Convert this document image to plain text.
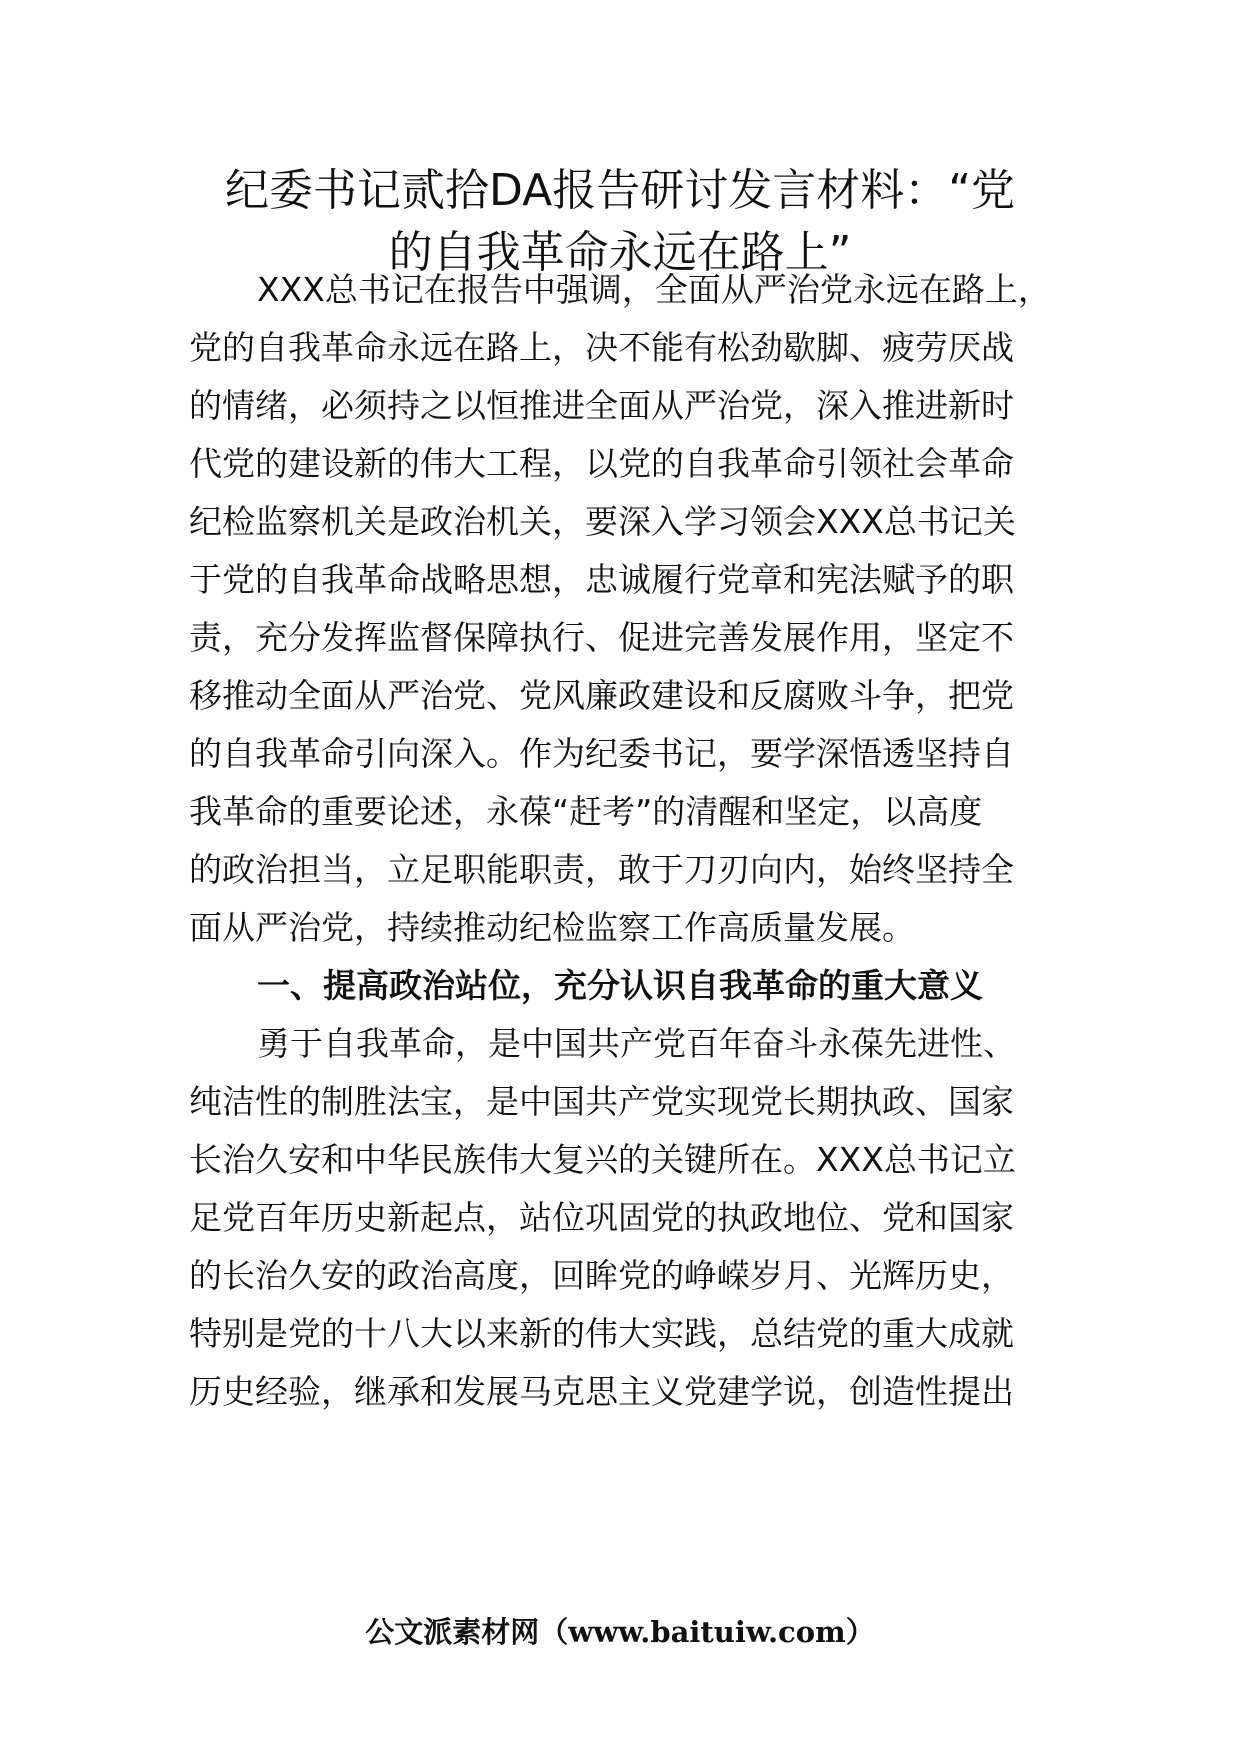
纪委书记贰拾DA报告研讨发言材料：“党
的自我革命永远在路上”

XXX总书记在报告中强调，全面从严治党永远在路上，

党的自我革命永远在路上，决不能有松劲歇脚、疲劳厌战

的情绪，必须持之以恒推进全面从严治党，深入推进新时

代党的建设新的伟大工程，以党的自我革命引领社会革命

纪检监察机关是政治机关，要深入学习领会XXX总书记关

于党的自我革命战略思想，忠诚履行党章和宪法赋予的职

责，充分发挥监督保障执行、促进完善发展作用，坚定不

移推动全面从严治党、党风廉政建设和反腐败斗争，把党

的自我革命引向深入。作为纪委书记，要学深悟透坚持自

我革命的重要论述，永葆“赶考”的清醒和坚定，以高度

的政治担当，立足职能职责，敢于刀刃向内，始终坚持全

面从严治党，持续推动纪检监察工作高质量发展。

一、提高政治站位，充分认识自我革命的重大意义

勇于自我革命，是中国共产党百年奋斗永葆先进性、

纯洁性的制胜法宝，是中国共产党实现党长期执政、国家

长治久安和中华民族伟大复兴的关键所在。XXX总书记立

足党百年历史新起点，站位巩固党的执政地位、党和国家

的长治久安的政治高度，回眸党的峥嵘岁月、光辉历史，

特别是党的十八大以来新的伟大实践，总结党的重大成就

历史经验，继承和发展马克思主义党建学说，创造性提出

公文派素材网（www.baituiw.com）
